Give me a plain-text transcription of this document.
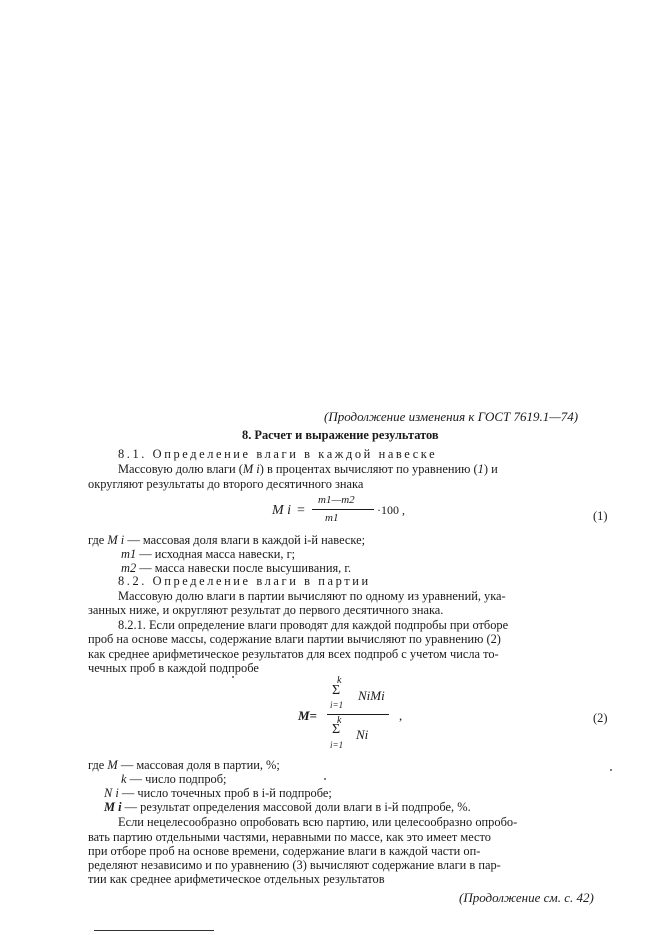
(Продолжение изменения к ГОСТ 7619.1—74)
8. Расчет и выражение результатов
8.1. Определение влаги в каждой навеске
Массовую долю влаги (M i) в процентах вычисляют по уравнению (1) и
округляют результаты до второго десятичного знака
M i =
m1—m2
m1
·100 ,	(1)
где M i — массовая доля влаги в каждой i-й навеске;
m1 — исходная масса навески, г;
m2 — масса навески после высушивания, г.
8.2. Определение влаги в партии
Массовую долю влаги в партии вычисляют по одному из уравнений, ука-
занных ниже, и округляют результат до первого десятичного знака.
8.2.1. Если определение влаги проводят для каждой подпробы при отборе
проб на основе массы, содержание влаги партии вычисляют по уравнению (2)
как среднее арифметическое результатов для всех подпроб с учетом числа то-
чечных проб в каждой подпробе
M=
k
Σ
i=1
NiMi
k
Σ
i=1
Ni
,	(2)
где M — массовая доля в партии, %;
k — число подпроб;
N i — число точечных проб в i-й подпробе;
M i — результат определения массовой доли влаги в i-й подпробе, %.
Если нецелесообразно опробовать всю партию, или целесообразно опробо-
вать партию отдельными частями, неравными по массе, как это имеет место
при отборе проб на основе времени, содержание влаги в каждой части оп-
ределяют независимо и по уравнению (3) вычисляют содержание влаги в пар-
тии как среднее арифметическое отдельных результатов
(Продолжение см. с. 42)
